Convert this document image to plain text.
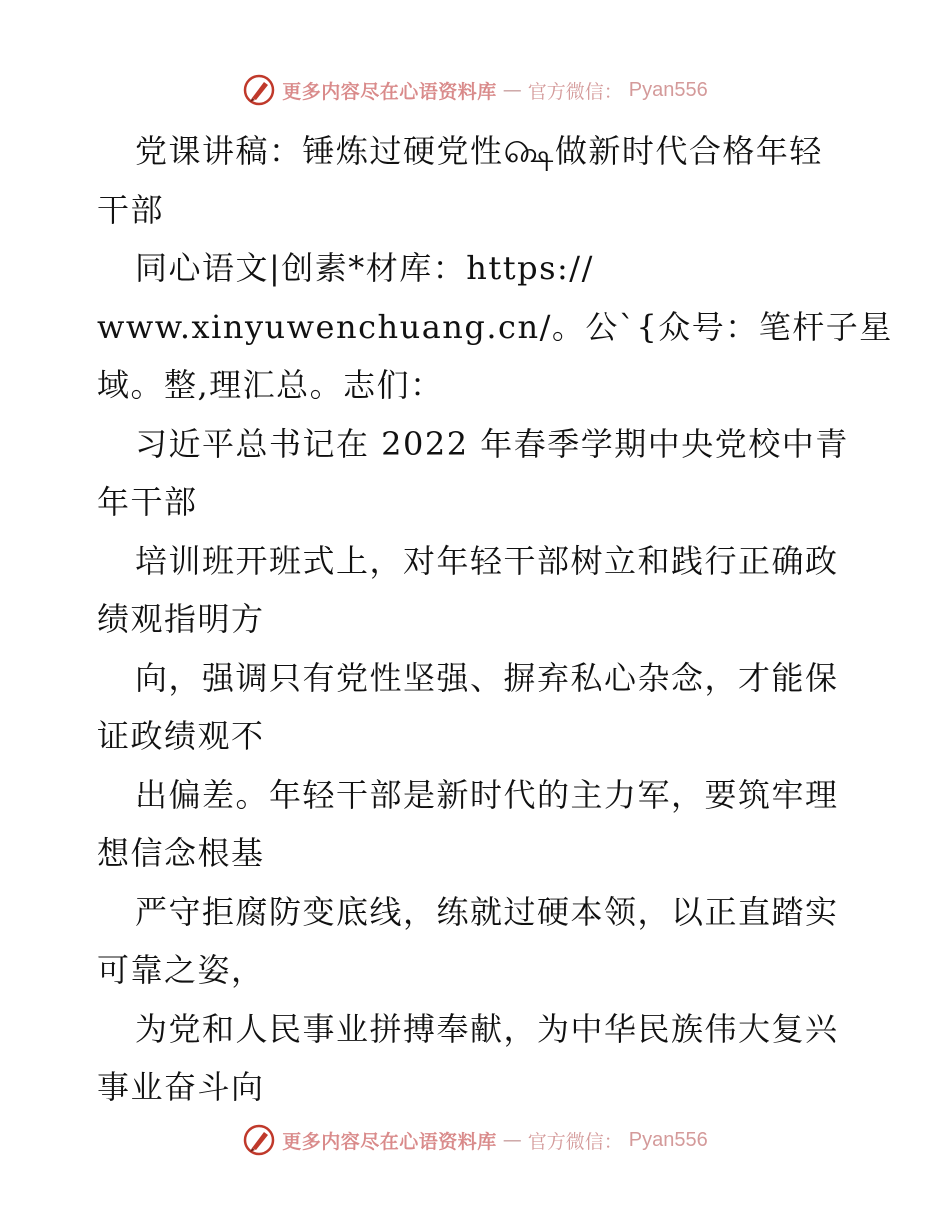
更多内容尽在心语资料库 — 官方微信： Pyan556
党课讲稿：锤炼过硬党性௸做新时代合格年轻
干部
同心语文|创素*材库：https://
www.xinyuwenchuang.cn/。公`{众号：笔杆子星
域。整,理汇总。志们：
习近平总书记在 2022 年春季学期中央党校中青
年干部
培训班开班式上，对年轻干部树立和践行正确政
绩观指明方
向，强调只有党性坚强、摒弃私心杂念，才能保
证政绩观不
出偏差。年轻干部是新时代的主力军，要筑牢理
想信念根基
严守拒腐防变底线，练就过硬本领，以正直踏实
可靠之姿，
为党和人民事业拼搏奉献，为中华民族伟大复兴
事业奋斗向
更多内容尽在心语资料库 — 官方微信： Pyan556
